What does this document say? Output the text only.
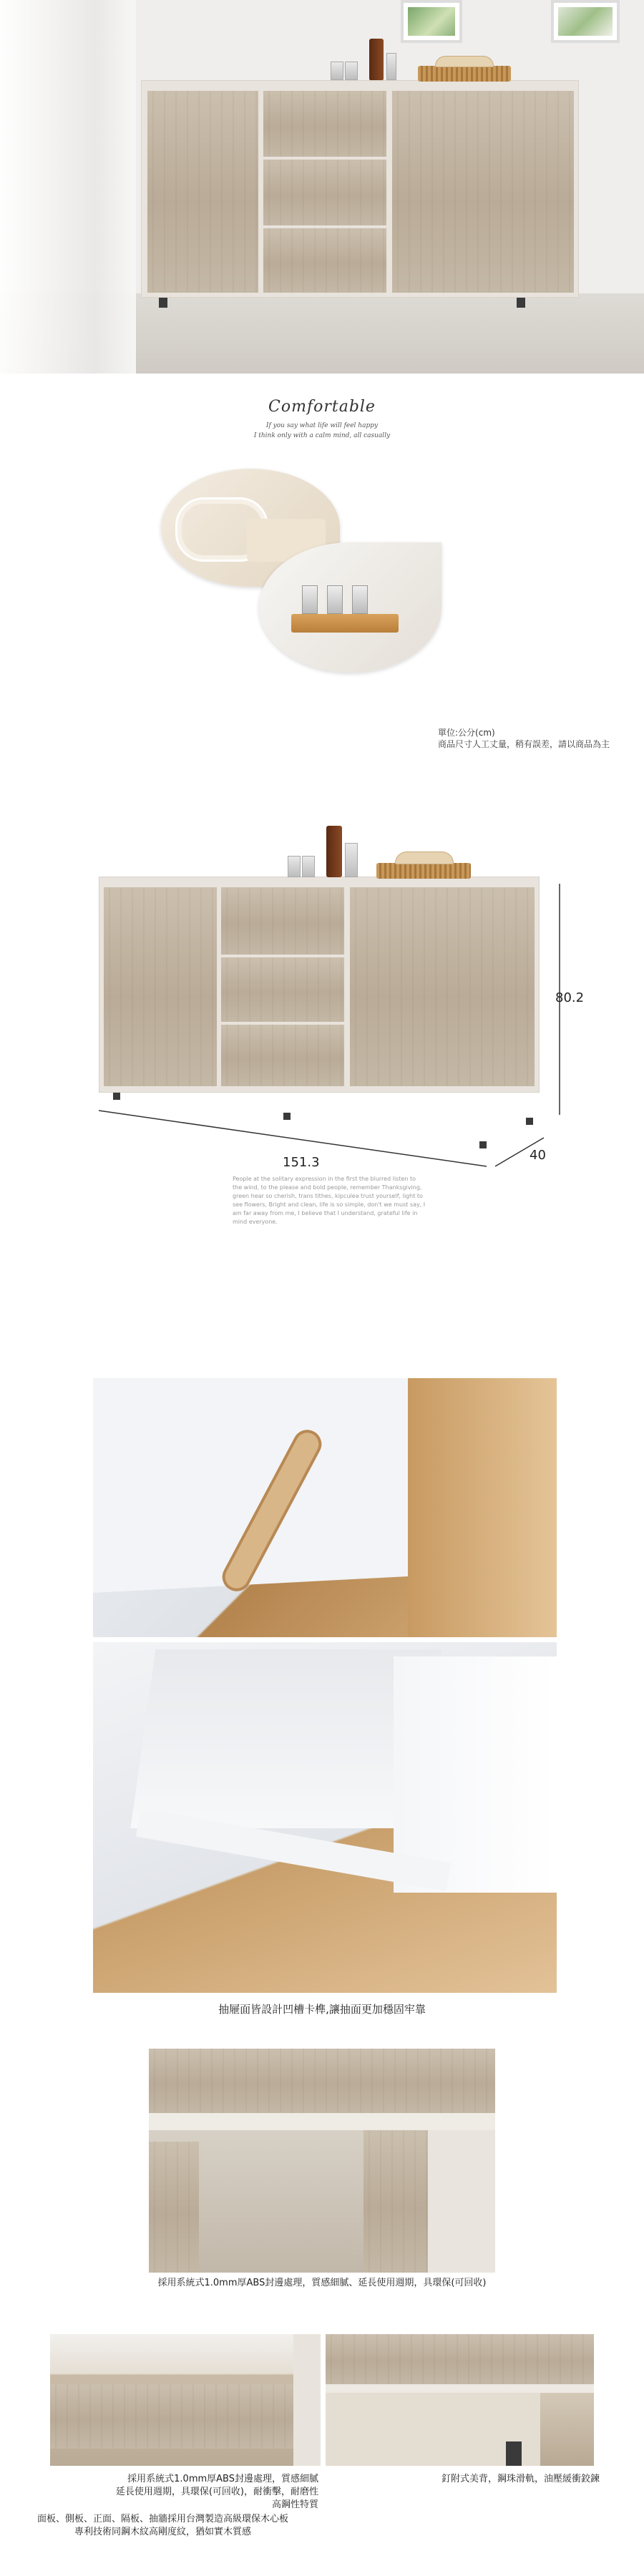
Comfortable
If you say what life will feel happy
I think only with a calm mind, all casually
單位:公分(cm)
商品尺寸人工丈量，稍有誤差，請以商品為主
80.2
151.3	40
People at the solitary expression in the first the blurred listen to the wind, to the please and bold people, remember Thanksgiving, green hear so cherish, trans tithes, kipculea trust yourself, light to see flowers, Bright and clean, life is so simple, don't we must say, I am far away from me, I believe that I understand, grateful life in mind everyone.
抽屜面皆設計凹槽卡榫,讓抽面更加穩固牢靠
採用系統式1.0mm厚ABS封邊處理，質感細膩、延長使用週期，具環保(可回收)
採用系統式1.0mm厚ABS封邊處理，質感細膩
延長使用週期，具環保(可回收)，耐衝擊，耐磨性
高鋼性特質
面板、側板、正面、隔板、抽牆採用台灣製造高級環保木心板
專利技術同鋼木紋高剛度紋，猶如實木質感
釘附式美背，鋼珠滑軌，油壓緩衝鉸鍊
